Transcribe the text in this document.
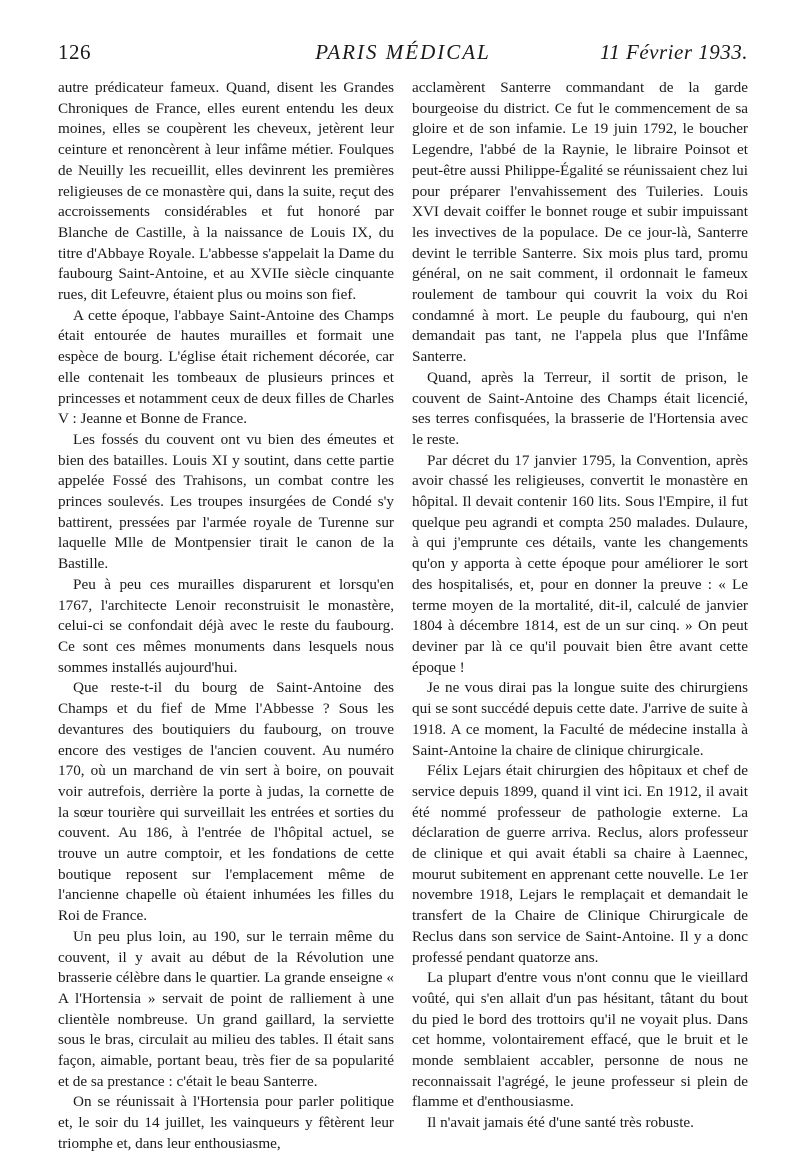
126	PARIS MÉDICAL	11 Février 1933.

autre prédicateur fameux. Quand, disent les Grandes Chroniques de France, elles eurent entendu les deux moines, elles se coupèrent les cheveux, jetèrent leur ceinture et renoncèrent à leur infâme métier. Foulques de Neuilly les recueillit, elles devinrent les premières religieuses de ce monastère qui, dans la suite, reçut des accroissements considérables et fut honoré par Blanche de Castille, à la naissance de Louis IX, du titre d'Abbaye Royale. L'abbesse s'appelait la Dame du faubourg Saint-Antoine, et au XVIIe siècle cinquante rues, dit Lefeuvre, étaient plus ou moins son fief.

A cette époque, l'abbaye Saint-Antoine des Champs était entourée de hautes murailles et formait une espèce de bourg. L'église était richement décorée, car elle contenait les tombeaux de plusieurs princes et princesses et notamment ceux de deux filles de Charles V : Jeanne et Bonne de France.

Les fossés du couvent ont vu bien des émeutes et bien des batailles. Louis XI y soutint, dans cette partie appelée Fossé des Trahisons, un combat contre les princes soulevés. Les troupes insurgées de Condé s'y battirent, pressées par l'armée royale de Turenne sur laquelle Mlle de Montpensier tirait le canon de la Bastille.

Peu à peu ces murailles disparurent et lorsqu'en 1767, l'architecte Lenoir reconstruisit le monastère, celui-ci se confondait déjà avec le reste du faubourg. Ce sont ces mêmes monuments dans lesquels nous sommes installés aujourd'hui.

Que reste-t-il du bourg de Saint-Antoine des Champs et du fief de Mme l'Abbesse ? Sous les devantures des boutiquiers du faubourg, on trouve encore des vestiges de l'ancien couvent. Au numéro 170, où un marchand de vin sert à boire, on pouvait voir autrefois, derrière la porte à judas, la cornette de la sœur tourière qui surveillait les entrées et sorties du couvent. Au 186, à l'entrée de l'hôpital actuel, se trouve un autre comptoir, et les fondations de cette boutique reposent sur l'emplacement même de l'ancienne chapelle où étaient inhumées les filles du Roi de France.

Un peu plus loin, au 190, sur le terrain même du couvent, il y avait au début de la Révolution une brasserie célèbre dans le quartier. La grande enseigne « A l'Hortensia » servait de point de ralliement à une clientèle nombreuse. Un grand gaillard, la serviette sous le bras, circulait au milieu des tables. Il était sans façon, aimable, portant beau, très fier de sa popularité et de sa prestance : c'était le beau Santerre.

On se réunissait à l'Hortensia pour parler politique et, le soir du 14 juillet, les vainqueurs y fêtèrent leur triomphe et, dans leur enthousiasme,

acclamèrent Santerre commandant de la garde bourgeoise du district. Ce fut le commencement de sa gloire et de son infamie. Le 19 juin 1792, le boucher Legendre, l'abbé de la Raynie, le libraire Poinsot et peut-être aussi Philippe-Égalité se réunissaient chez lui pour préparer l'envahissement des Tuileries. Louis XVI devait coiffer le bonnet rouge et subir impuissant les invectives de la populace. De ce jour-là, Santerre devint le terrible Santerre. Six mois plus tard, promu général, on ne sait comment, il ordonnait le fameux roulement de tambour qui couvrit la voix du Roi condamné à mort. Le peuple du faubourg, qui n'en demandait pas tant, ne l'appela plus que l'Infâme Santerre.

Quand, après la Terreur, il sortit de prison, le couvent de Saint-Antoine des Champs était licencié, ses terres confisquées, la brasserie de l'Hortensia avec le reste.

Par décret du 17 janvier 1795, la Convention, après avoir chassé les religieuses, convertit le monastère en hôpital. Il devait contenir 160 lits. Sous l'Empire, il fut quelque peu agrandi et compta 250 malades. Dulaure, à qui j'emprunte ces détails, vante les changements qu'on y apporta à cette époque pour améliorer le sort des hospitalisés, et, pour en donner la preuve : « Le terme moyen de la mortalité, dit-il, calculé de janvier 1804 à décembre 1814, est de un sur cinq. » On peut deviner par là ce qu'il pouvait bien être avant cette époque !

Je ne vous dirai pas la longue suite des chirurgiens qui se sont succédé depuis cette date. J'arrive de suite à 1918. A ce moment, la Faculté de médecine installa à Saint-Antoine la chaire de clinique chirurgicale.

Félix Lejars était chirurgien des hôpitaux et chef de service depuis 1899, quand il vint ici. En 1912, il avait été nommé professeur de pathologie externe. La déclaration de guerre arriva. Reclus, alors professeur de clinique et qui avait établi sa chaire à Laennec, mourut subitement en apprenant cette nouvelle. Le 1er novembre 1918, Lejars le remplaçait et demandait le transfert de la Chaire de Clinique Chirurgicale de Reclus dans son service de Saint-Antoine. Il y a donc professé pendant quatorze ans.

La plupart d'entre vous n'ont connu que le vieillard voûté, qui s'en allait d'un pas hésitant, tâtant du bout du pied le bord des trottoirs qu'il ne voyait plus. Dans cet homme, volontairement effacé, que le bruit et le monde semblaient accabler, personne de nous ne reconnaissait l'agrégé, le jeune professeur si plein de flamme et d'enthousiasme.

Il n'avait jamais été d'une santé très robuste.
